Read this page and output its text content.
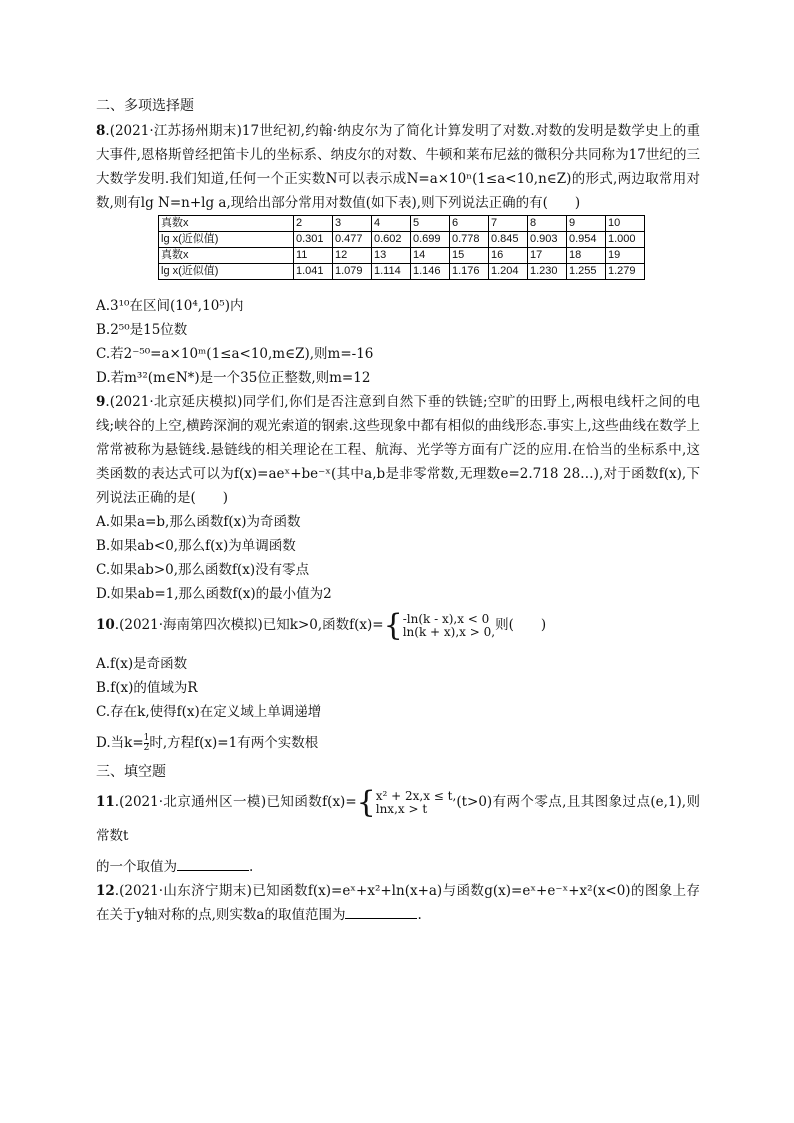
二、多项选择题

8.(2021·江苏扬州期末)17世纪初,约翰·纳皮尔为了简化计算发明了对数.对数的发明是数学史上的重大事件,恩格斯曾经把笛卡儿的坐标系、纳皮尔的对数、牛顿和莱布尼兹的微积分共同称为17世纪的三大数学发明.我们知道,任何一个正实数N可以表示成N=a×10ⁿ(1≤a<10,n∈Z)的形式,两边取常用对数,则有lg N=n+lg a,现给出部分常用对数值(如下表),则下列说法正确的有(　　)

真数x	2	3	4	5	6	7	8	9	10
lg x(近似值)	0.301	0.477	0.602	0.699	0.778	0.845	0.903	0.954	1.000
真数x	11	12	13	14	15	16	17	18	19
lg x(近似值)	1.041	1.079	1.114	1.146	1.176	1.204	1.230	1.255	1.279

A.3¹⁰在区间(10⁴,10⁵)内

B.2⁵⁰是15位数

C.若2⁻⁵⁰=a×10ᵐ(1≤a<10,m∈Z),则m=-16

D.若m³²(m∈N*)是一个35位正整数,则m=12

9.(2021·北京延庆模拟)同学们,你们是否注意到自然下垂的铁链;空旷的田野上,两根电线杆之间的电线;峡谷的上空,横跨深涧的观光索道的钢索.这些现象中都有相似的曲线形态.事实上,这些曲线在数学上常常被称为悬链线.悬链线的相关理论在工程、航海、光学等方面有广泛的应用.在恰当的坐标系中,这类函数的表达式可以为f(x)=aeˣ+be⁻ˣ(其中a,b是非零常数,无理数e=2.718 28…),对于函数f(x),下列说法正确的是(　　)

A.如果a=b,那么函数f(x)为奇函数

B.如果ab<0,那么f(x)为单调函数

C.如果ab>0,那么函数f(x)没有零点

D.如果ab=1,那么函数f(x)的最小值为2

10.(2021·海南第四次模拟)已知k>0,函数f(x)={ -ln(k - x),x < 0
ln(k + x),x > 0, 则(　　)

A.f(x)是奇函数

B.f(x)的值域为R

C.存在k,使得f(x)在定义域上单调递增

D.当$k= \frac{1}{2}$ 时,方程f(x)=1有两个实数根

三、填空题

11.(2021·北京通州区一模)已知函数f(x)={ x² + 2x,x ≤ t,
lnx,x > t	(t>0)有两个零点,且其图象过点(e,1),则常数t

的一个取值为	.

12.(2021·山东济宁期末)已知函数f(x)=eˣ+x²+ln(x+a)与函数g(x)=eˣ+e⁻ˣ+x²(x<0)的图象上存在关于y轴对称的点,则实数a的取值范围为	.
